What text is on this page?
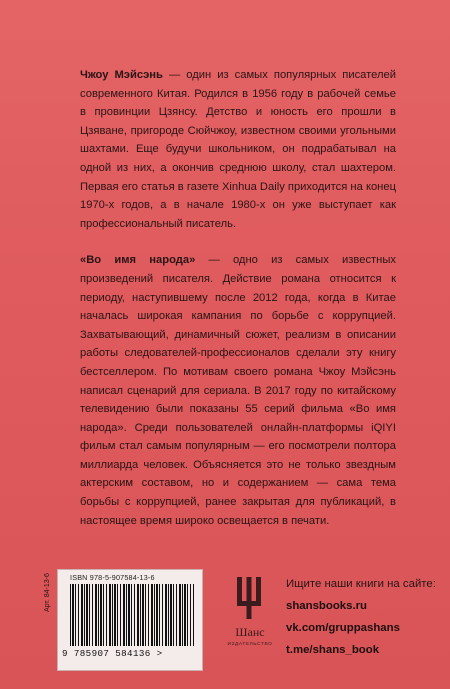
Чжоу Мэйсэнь — один из самых популярных писателей современного Китая. Родился в 1956 году в рабочей семье в провинции Цзянсу. Детство и юность его прошли в Цзяване, пригороде Сюйчжоу, известном своими угольными шахтами. Еще будучи школьником, он подрабатывал на одной из них, а окончив среднюю школу, стал шахтером. Первая его статья в газете Xinhua Daily приходится на конец 1970-х годов, а в начале 1980-х он уже выступает как профессиональный писатель.

«Во имя народа» — одно из самых известных произведений писателя. Действие романа относится к периоду, наступившему после 2012 года, когда в Китае началась широкая кампания по борьбе с коррупцией. Захватывающий, динамичный сюжет, реализм в описании работы следователей-профессионалов сделали эту книгу бестселлером. По мотивам своего романа Чжоу Мэйсэнь написал сценарий для сериала. В 2017 году по китайскому телевидению были показаны 55 серий фильма «Во имя народа». Среди пользователей онлайн-платформы iQIYI фильм стал самым популярным — его посмотрели полтора миллиарда человек. Объясняется это не только звездным актерским составом, но и содержанием — сама тема борьбы с коррупцией, ранее закрытая для публикаций, в настоящее время широко освещается в печати.

Арт. 84-13-6	ISBN 978-5-907584-13-6
9 785907 584136 >
Шанс
ИЗДАТЕЛЬСТВО
Ищите наши книги на сайте:
shansbooks.ru
vk.com/gruppashans
t.me/shans_book
